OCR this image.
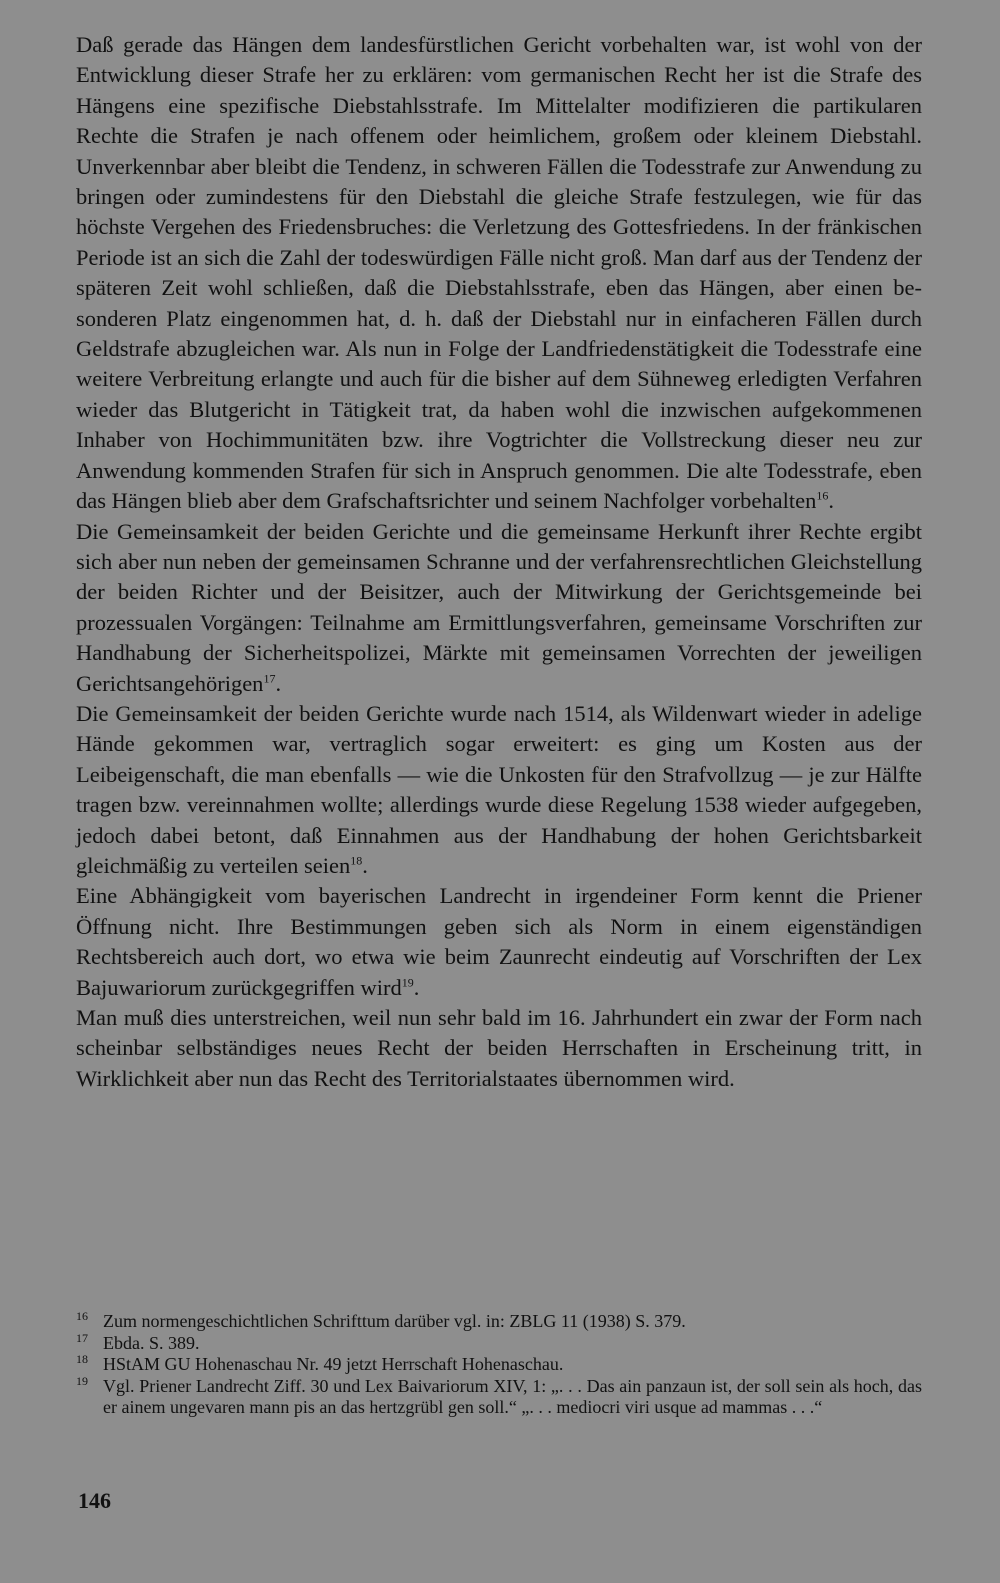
Daß gerade das Hängen dem landesfürstlichen Gericht vorbehalten war, ist wohl von der Entwicklung dieser Strafe her zu erklären: vom germanischen Recht her ist die Strafe des Hängens eine spezifische Diebstahlsstrafe. Im Mittelalter modifizieren die partikularen Rechte die Strafen je nach offenem oder heimlichem, großem oder kleinem Diebstahl. Unverkennbar aber bleibt die Tendenz, in schweren Fällen die Todesstrafe zur Anwendung zu bringen oder zumindestens für den Diebstahl die gleiche Strafe festzulegen, wie für das höchste Vergehen des Friedensbruches: die Verletzung des Gottesfriedens. In der fränkischen Periode ist an sich die Zahl der todeswürdigen Fälle nicht groß. Man darf aus der Tendenz der späteren Zeit wohl schließen, daß die Diebstahlsstrafe, eben das Hängen, aber einen besonderen Platz eingenommen hat, d. h. daß der Diebstahl nur in einfacheren Fällen durch Geldstrafe abzugleichen war. Als nun in Folge der Landfriedenstätigkeit die Todesstrafe eine weitere Verbreitung erlangte und auch für die bisher auf dem Sühneweg erledigten Verfahren wieder das Blutgericht in Tätigkeit trat, da haben wohl die inzwischen aufgekommenen Inhaber von Hochimmunitäten bzw. ihre Vogtrichter die Vollstreckung dieser neu zur Anwendung kommenden Strafen für sich in Anspruch genommen. Die alte Todesstrafe, eben das Hängen blieb aber dem Grafschaftsrichter und seinem Nachfolger vorbehalten$^{16}$.

Die Gemeinsamkeit der beiden Gerichte und die gemeinsame Herkunft ihrer Rechte ergibt sich aber nun neben der gemeinsamen Schranne und der verfahrensrechtlichen Gleichstellung der beiden Richter und der Beisitzer, auch der Mitwirkung der Gerichtsgemeinde bei prozessualen Vorgängen: Teilnahme am Ermittlungsverfahren, gemeinsame Vorschriften zur Handhabung der Sicherheitspolizei, Märkte mit gemeinsamen Vorrechten der jeweiligen Gerichtsangehörigen$^{17}$.

Die Gemeinsamkeit der beiden Gerichte wurde nach 1514, als Wildenwart wieder in adelige Hände gekommen war, vertraglich sogar erweitert: es ging um Kosten aus der Leibeigenschaft, die man ebenfalls — wie die Unkosten für den Strafvollzug — je zur Hälfte tragen bzw. vereinnahmen wollte; allerdings wurde diese Regelung 1538 wieder aufgegeben, jedoch dabei betont, daß Einnahmen aus der Handhabung der hohen Gerichtsbarkeit gleichmäßig zu verteilen seien$^{18}$.

Eine Abhängigkeit vom bayerischen Landrecht in irgendeiner Form kennt die Priener Öffnung nicht. Ihre Bestimmungen geben sich als Norm in einem eigenständigen Rechtsbereich auch dort, wo etwa wie beim Zaunrecht eindeutig auf Vorschriften der Lex Bajuwariorum zurückgegriffen wird$^{19}$.

Man muß dies unterstreichen, weil nun sehr bald im 16. Jahrhundert ein zwar der Form nach scheinbar selbständiges neues Recht der beiden Herrschaften in Erscheinung tritt, in Wirklichkeit aber nun das Recht des Territorialstaates übernommen wird.

16 Zum normengeschichtlichen Schrifttum darüber vgl. in: ZBLG 11 (1938) S. 379.

17 Ebda. S. 389.

18 HStAM GU Hohenaschau Nr. 49 jetzt Herrschaft Hohenaschau.

19 Vgl. Priener Landrecht Ziff. 30 und Lex Baivariorum XIV, 1: „. . . Das ain panzaun ist, der soll sein als hoch, das er ainem ungevaren mann pis an das hertzgrübl gen soll.“ „. . . mediocri viri usque ad mammas . . .“

146
